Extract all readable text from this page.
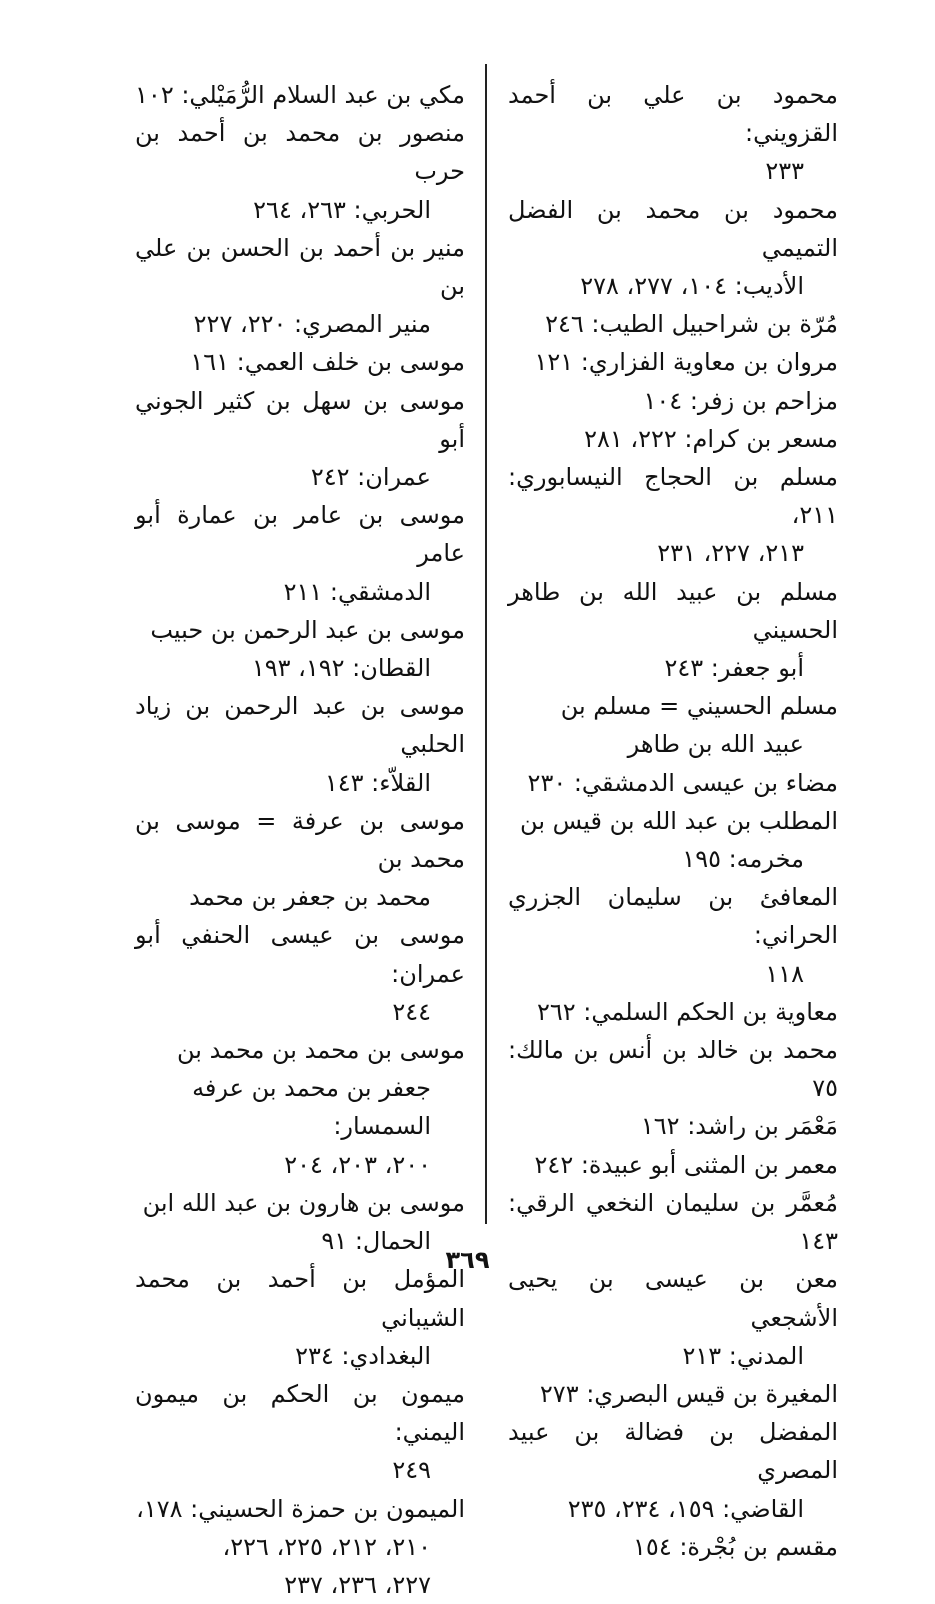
محمود بن علي بن أحمد القزويني:

٢٣٣

محمود بن محمد بن الفضل التميمي

الأديب: ١٠٤، ٢٧٧، ٢٧٨

مُرّة بن شراحبيل الطيب: ٢٤٦

مروان بن معاوية الفزاري: ١٢١

مزاحم بن زفر: ١٠٤

مسعر بن كرام: ٢٢٢، ٢٨١

مسلم بن الحجاج النيسابوري: ٢١١،

٢١٣، ٢٢٧، ٢٣١

مسلم بن عبيد الله بن طاهر الحسيني

أبو جعفر: ٢٤٣

مسلم الحسيني = مسلم بن

عبيد الله بن طاهر

مضاء بن عيسى الدمشقي: ٢٣٠

المطلب بن عبد الله بن قيس بن

مخرمه: ١٩٥

المعافئ بن سليمان الجزري الحراني:

١١٨

معاوية بن الحكم السلمي: ٢٦٢

محمد بن خالد بن أنس بن مالك: ٧٥

مَعْمَر بن راشد: ١٦٢

معمر بن المثنى أبو عبيدة: ٢٤٢

مُعمَّر بن سليمان النخعي الرقي: ١٤٣

معن بن عيسى بن يحيى الأشجعي

المدني: ٢١٣

المغيرة بن قيس البصري: ٢٧٣

المفضل بن فضالة بن عبيد المصري

القاضي: ١٥٩، ٢٣٤، ٢٣٥

مقسم بن بُجْرة: ١٥٤

مكي بن عبد السلام الرُّمَيْلي: ١٠٢

منصور بن محمد بن أحمد بن حرب

الحربي: ٢٦٣، ٢٦٤

منير بن أحمد بن الحسن بن علي بن

منير المصري: ٢٢٠، ٢٢٧

موسى بن خلف العمي: ١٦١

موسى بن سهل بن كثير الجوني أبو

عمران: ٢٤٢

موسى بن عامر بن عمارة أبو عامر

الدمشقي: ٢١١

موسى بن عبد الرحمن بن حبيب

القطان: ١٩٢، ١٩٣

موسى بن عبد الرحمن بن زياد الحلبي

القلاّء: ١٤٣

موسى بن عرفة = موسى بن محمد بن

محمد بن جعفر بن محمد

موسى بن عيسى الحنفي أبو عمران:

٢٤٤

موسى بن محمد بن محمد بن

جعفر بن محمد بن عرفه السمسار:

٢٠٠، ٢٠٣، ٢٠٤

موسى بن هارون بن عبد الله ابن

الحمال: ٩١

المؤمل بن أحمد بن محمد الشيباني

البغدادي: ٢٣٤

ميمون بن الحكم بن ميمون اليمني:

٢٤٩

الميمون بن حمزة الحسيني: ١٧٨،

٢١٠، ٢١٢، ٢٢٥، ٢٢٦،

٢٢٧، ٢٣٦، ٢٣٧

٣٦٩
